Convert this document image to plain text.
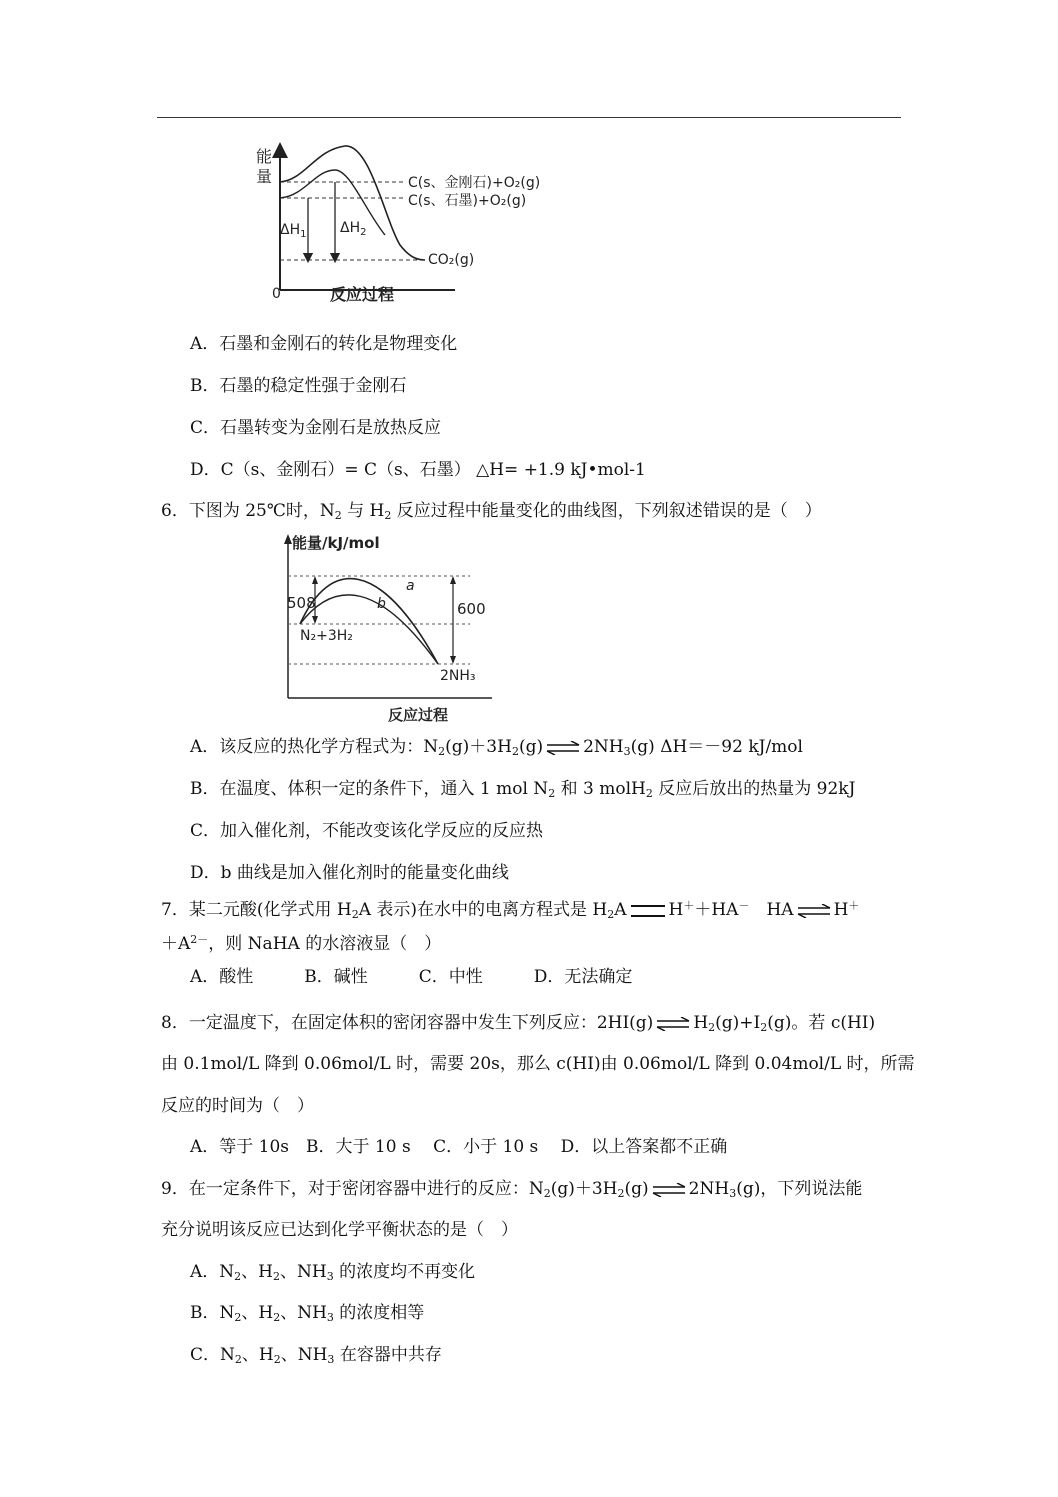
能
量
0	反应过程
$\Delta H_1$ $\Delta H_2$
C(s、金刚石)+O₂(g)
C(s、石墨)+O₂(g)
CO₂(g)
A．石墨和金刚石的转化是物理变化
B．石墨的稳定性强于金刚石
C．石墨转变为金刚石是放热反应
D．C（s、金刚石）= C（s、石墨） △H= +1.9 kJ•mol-1
6．下图为 25℃时，$N_2$ 与 $H_2$ 反应过程中能量变化的曲线图，下列叙述错误的是（　）
能量/kJ/mol
反应过程
508	600
a
b
N₂+3H₂
2NH₃
A．该反应的热化学方程式为：$N_2(g)+3H_2(g)$ ⇌ $2NH_3(g)$ ΔH＝－92 kJ/mol
B．在温度、体积一定的条件下，通入 1 mol $N_2$ 和 3 molH$_2$ 反应后放出的热量为 92kJ
C．加入催化剂，不能改变该化学反应的反应热
D．b 曲线是加入催化剂时的能量变化曲线
7．某二元酸(化学式用 $H_2A$ 表示)在水中的电离方程式是 $H_2A$ H＋＋HA－　HA ⇌ H＋
$+A^{2-}$，则 NaHA 的水溶液显（　）
A．酸性　　　B．碱性　　　C．中性　　　D．无法确定
8．一定温度下，在固定体积的密闭容器中发生下列反应：2HI(g) ⇌ $H_2(g)+I_2(g)$。若 c(HI)
由 0.1mol/L 降到 0.06mol/L 时，需要 20s，那么 c(HI)由 0.06mol/L 降到 0.04mol/L 时，所需
反应的时间为（　）
A．等于 10s　B．大于 10 s　 C．小于 10 s　 D．以上答案都不正确
9．在一定条件下，对于密闭容器中进行的反应：$N_2(g)+3H_2(g)$ ⇌ $2NH_3(g)$，下列说法能
充分说明该反应已达到化学平衡状态的是（　）
A．$N_2$、$H_2$、$NH_3$ 的浓度均不再变化
B．$N_2$、$H_2$、$NH_3$ 的浓度相等
C．$N_2$、$H_2$、$NH_3$ 在容器中共存
